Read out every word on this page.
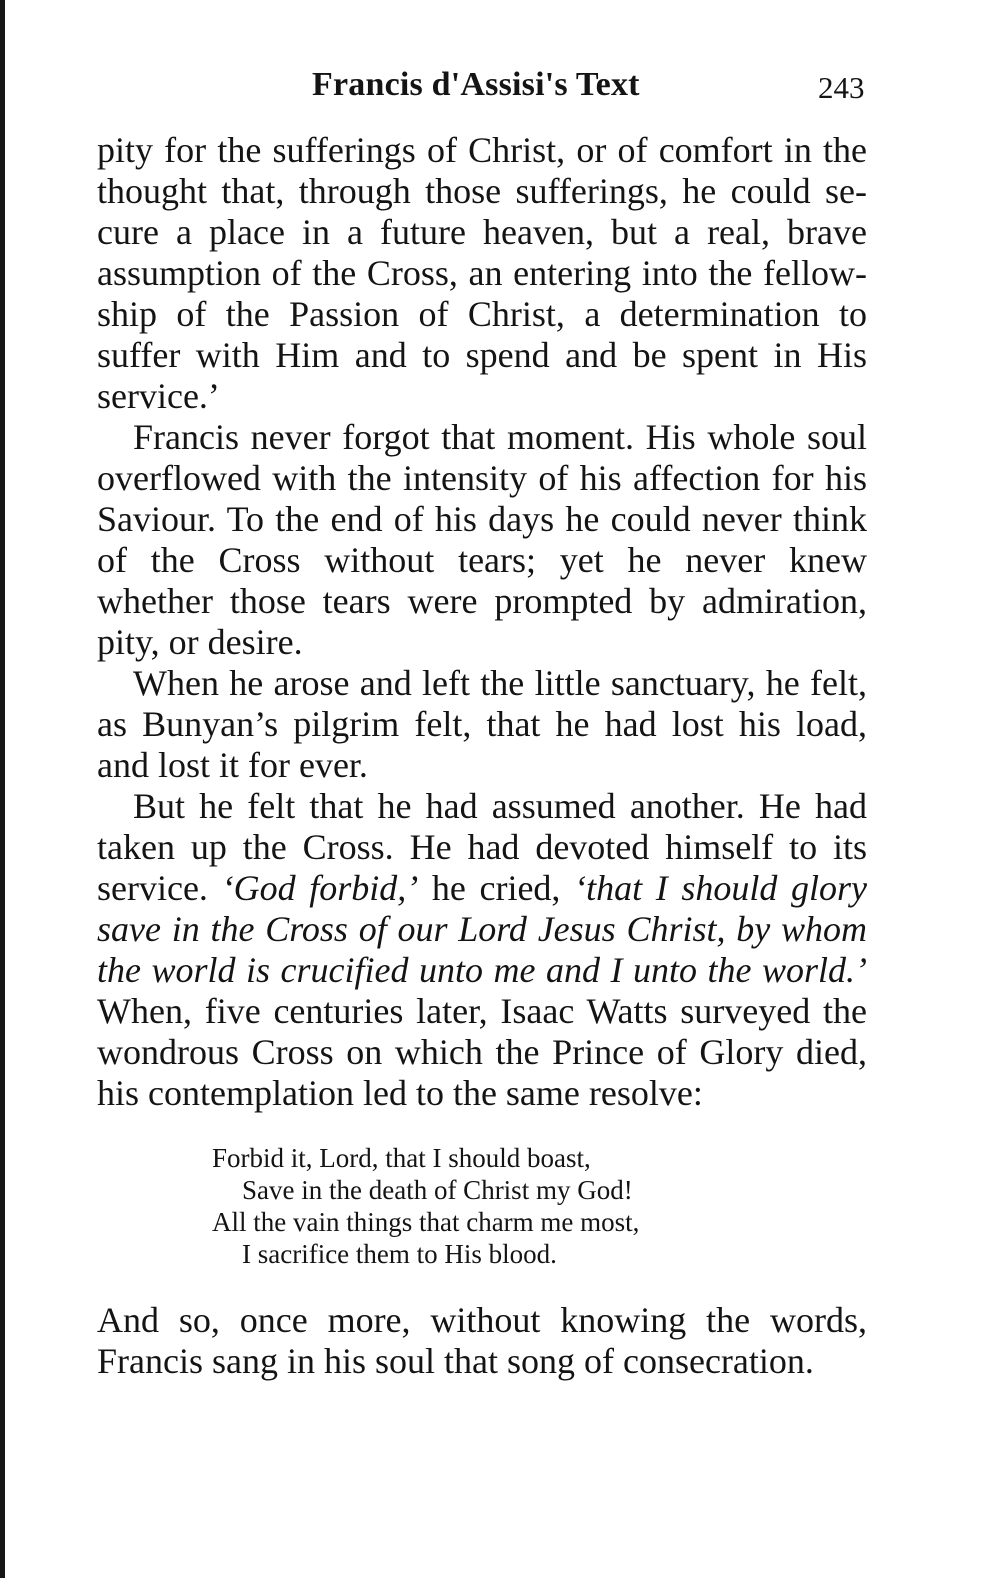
Francis d'Assisi's Text	243

pity for the sufferings of Christ, or of comfort in the thought that, through those sufferings, he could secure a place in a future heaven, but a real, brave assumption of the Cross, an entering into the fellowship of the Passion of Christ, a determination to suffer with Him and to spend and be spent in His service.’

Francis never forgot that moment. His whole soul overflowed with the intensity of his affection for his Saviour. To the end of his days he could never think of the Cross without tears; yet he never knew whether those tears were prompted by admiration, pity, or desire.

When he arose and left the little sanctuary, he felt, as Bunyan’s pilgrim felt, that he had lost his load, and lost it for ever.

But he felt that he had assumed another. He had taken up the Cross. He had devoted himself to its service. ‘God forbid,’ he cried, ‘that I should glory save in the Cross of our Lord Jesus Christ, by whom the world is crucified unto me and I unto the world.’ When, five centuries later, Isaac Watts surveyed the wondrous Cross on which the Prince of Glory died, his contemplation led to the same resolve:

Forbid it, Lord, that I should boast,
Save in the death of Christ my God!
All the vain things that charm me most,
I sacrifice them to His blood.

And so, once more, without knowing the words, Francis sang in his soul that song of consecration.
